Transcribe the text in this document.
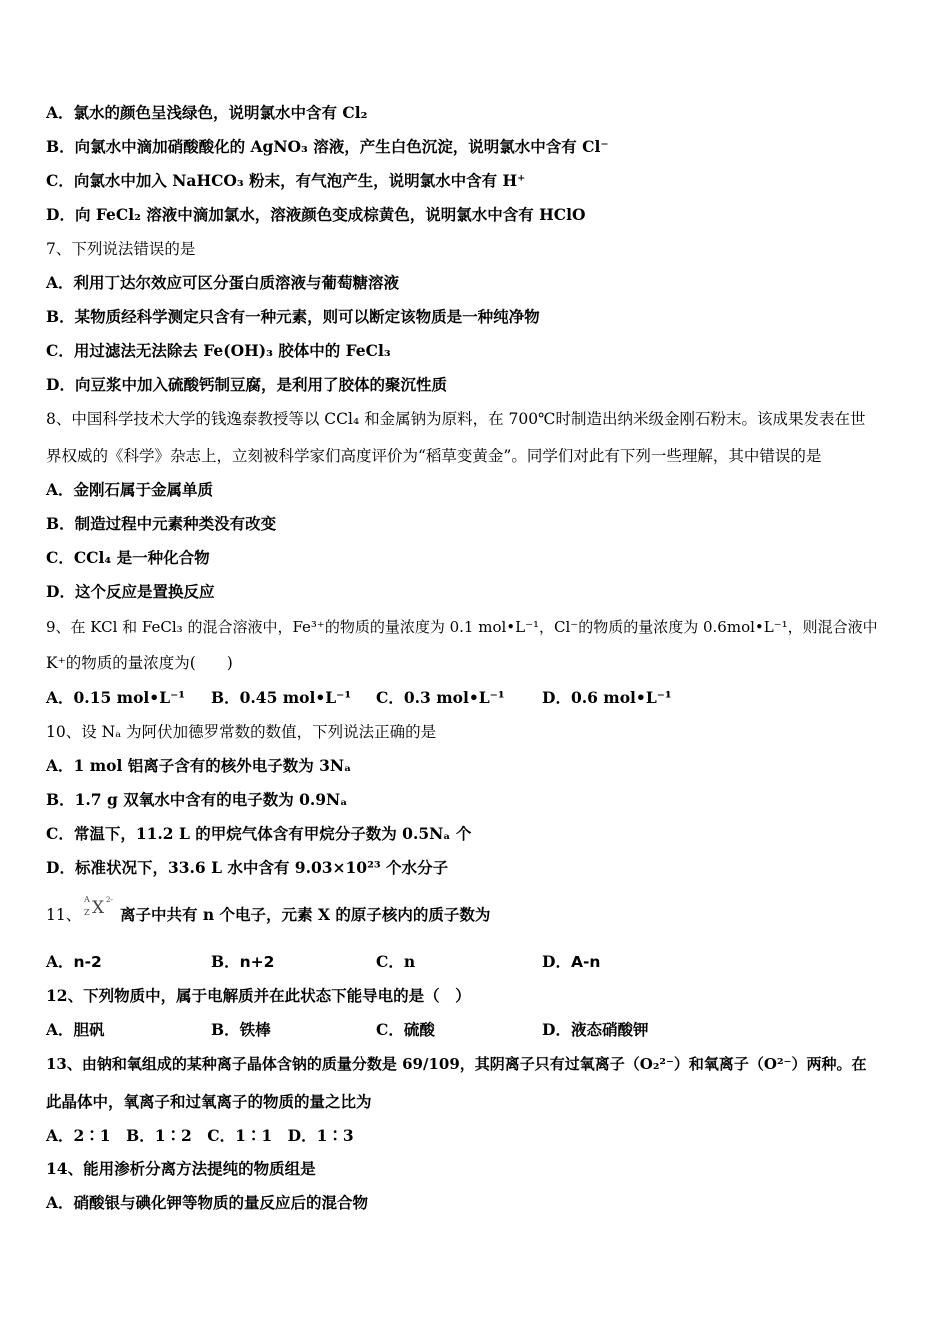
A．氯水的颜色呈浅绿色，说明氯水中含有 Cl₂
B．向氯水中滴加硝酸酸化的 AgNO₃ 溶液，产生白色沉淀，说明氯水中含有 Cl⁻
C．向氯水中加入 NaHCO₃ 粉末，有气泡产生，说明氯水中含有 H⁺
D．向 FeCl₂ 溶液中滴加氯水，溶液颜色变成棕黄色，说明氯水中含有 HClO
7、下列说法错误的是
A．利用丁达尔效应可区分蛋白质溶液与葡萄糖溶液
B．某物质经科学测定只含有一种元素，则可以断定该物质是一种纯净物
C．用过滤法无法除去 Fe(OH)₃ 胶体中的 FeCl₃
D．向豆浆中加入硫酸钙制豆腐，是利用了胶体的聚沉性质
8、中国科学技术大学的钱逸泰教授等以 CCl₄ 和金属钠为原料，在 700℃时制造出纳米级金刚石粉末。该成果发表在世
界权威的《科学》杂志上，立刻被科学家们高度评价为“稻草变黄金”。同学们对此有下列一些理解，其中错误的是
A．金刚石属于金属单质
B．制造过程中元素种类没有改变
C．CCl₄ 是一种化合物
D．这个反应是置换反应
9、在 KCl 和 FeCl₃ 的混合溶液中，Fe³⁺的物质的量浓度为 0.1 mol•L⁻¹，Cl⁻的物质的量浓度为 0.6mol•L⁻¹，则混合液中
K⁺的物质的量浓度为(　　)
A．0.15 mol•L⁻¹ B．0.45 mol•L⁻¹ C．0.3 mol•L⁻¹ D．0.6 mol•L⁻¹
10、设 Nₐ 为阿伏加德罗常数的数值，下列说法正确的是
A．1 mol 铝离子含有的核外电子数为 3Nₐ
B．1.7 g 双氧水中含有的电子数为 0.9Nₐ
C．常温下，11.2 L 的甲烷气体含有甲烷分子数为 0.5Nₐ 个
D．标准状况下，33.6 L 水中含有 9.03×10²³ 个水分子
11、
A
Z X 2-
离子中共有 n 个电子，元素 X 的原子核内的质子数为
A．n-2	B．n+2	C．n	D．A-n
12、下列物质中，属于电解质并在此状态下能导电的是（　）
A．胆矾	B．铁棒	C．硫酸	D．液态硝酸钾
13、由钠和氧组成的某种离子晶体含钠的质量分数是 69/109，其阴离子只有过氧离子（O₂²⁻）和氧离子（O²⁻）两种。在
此晶体中，氧离子和过氧离子的物质的量之比为
A．2∶1　B．1∶2　C．1∶1　D．1∶3
14、能用渗析分离方法提纯的物质组是
A．硝酸银与碘化钾等物质的量反应后的混合物
